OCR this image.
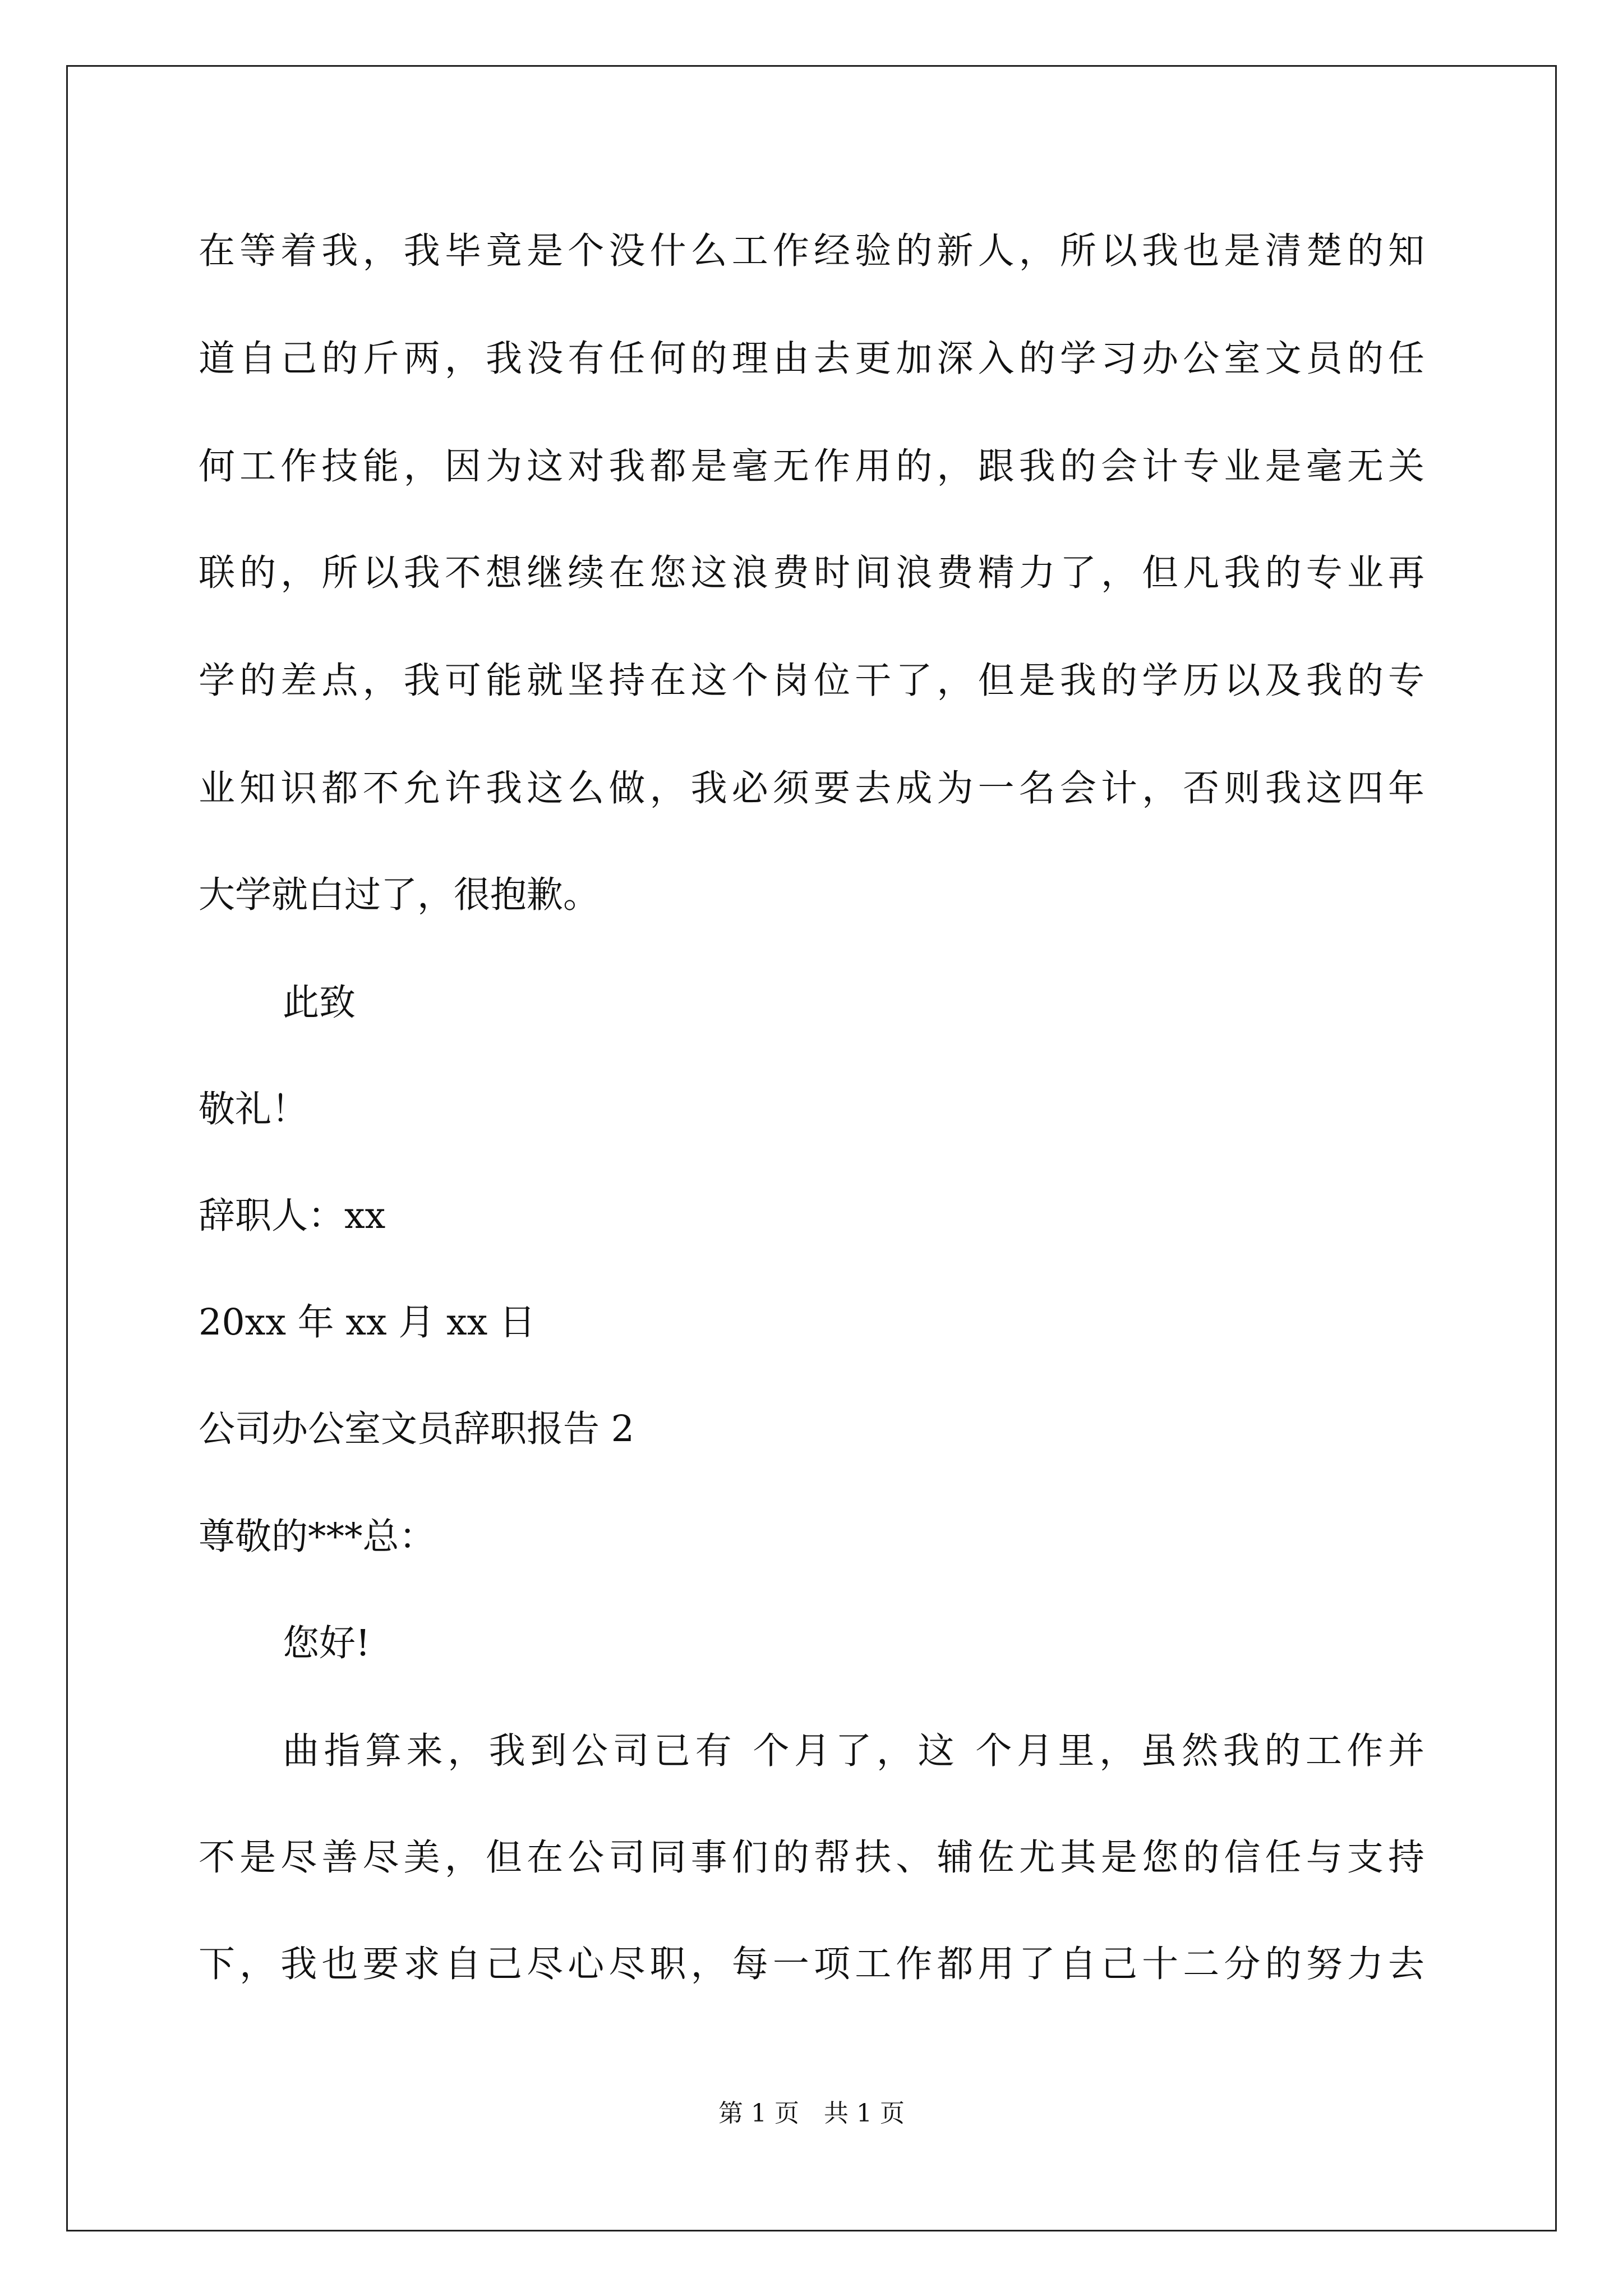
在等着我，我毕竟是个没什么工作经验的新人，所以我也是清楚的知
道自己的斤两，我没有任何的理由去更加深入的学习办公室文员的任
何工作技能，因为这对我都是毫无作用的，跟我的会计专业是毫无关
联的，所以我不想继续在您这浪费时间浪费精力了，但凡我的专业再
学的差点，我可能就坚持在这个岗位干了，但是我的学历以及我的专
业知识都不允许我这么做，我必须要去成为一名会计，否则我这四年
大学就白过了，很抱歉。
此致
敬礼！
辞职人：xx
20xx 年 xx 月 xx 日
公司办公室文员辞职报告 2
尊敬的***总：
您好!
曲指算来，我到公司已有 个月了，这 个月里，虽然我的工作并
不是尽善尽美，但在公司同事们的帮扶、辅佐尤其是您的信任与支持
下，我也要求自己尽心尽职，每一项工作都用了自己十二分的努力去
第 1 页　共 1 页
